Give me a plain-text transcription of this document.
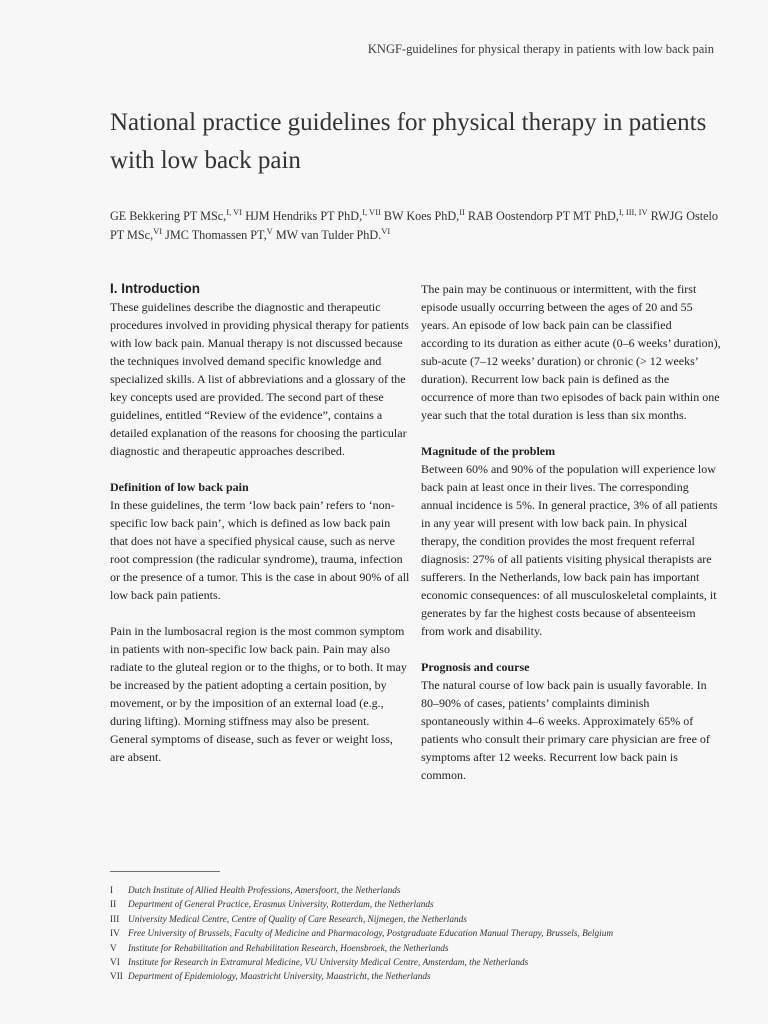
KNGF-guidelines for physical therapy in patients with low back pain
National practice guidelines for physical therapy in patients with low back pain
GE Bekkering PT MSc,$^{I, VI}$ HJM Hendriks PT PhD,$^{I, VII}$ BW Koes PhD,$^{II}$ RAB Oostendorp PT MT PhD,$^{I, III, IV}$ RWJG Ostelo PT MSc,$^{VI}$ JMC Thomassen PT,$^V$ MW van Tulder PhD.$^{VI}$
I. Introduction

These guidelines describe the diagnostic and therapeutic procedures involved in providing physical therapy for patients with low back pain. Manual therapy is not discussed because the techniques involved demand specific knowledge and specialized skills. A list of abbreviations and a glossary of the key concepts used are provided. The second part of these guidelines, entitled “Review of the evidence”, contains a detailed explanation of the reasons for choosing the particular diagnostic and therapeutic approaches described.

Definition of low back pain

In these guidelines, the term ‘low back pain’ refers to ‘non-specific low back pain’, which is defined as low back pain that does not have a specified physical cause, such as nerve root compression (the radicular syndrome), trauma, infection or the presence of a tumor. This is the case in about 90% of all low back pain patients.

Pain in the lumbosacral region is the most common symptom in patients with non-specific low back pain. Pain may also radiate to the gluteal region or to the thighs, or to both. It may be increased by the patient adopting a certain position, by movement, or by the imposition of an external load (e.g., during lifting). Morning stiffness may also be present. General symptoms of disease, such as fever or weight loss, are absent.

The pain may be continuous or intermittent, with the first episode usually occurring between the ages of 20 and 55 years. An episode of low back pain can be classified according to its duration as either acute (0–6 weeks’ duration), sub-acute (7–12 weeks’ duration) or chronic (> 12 weeks’ duration). Recurrent low back pain is defined as the occurrence of more than two episodes of back pain within one year such that the total duration is less than six months.

Magnitude of the problem

Between 60% and 90% of the population will experience low back pain at least once in their lives. The corresponding annual incidence is 5%. In general practice, 3% of all patients in any year will present with low back pain. In physical therapy, the condition provides the most frequent referral diagnosis: 27% of all patients visiting physical therapists are sufferers. In the Netherlands, low back pain has important economic consequences: of all musculoskeletal complaints, it generates by far the highest costs because of absenteeism from work and disability.

Prognosis and course

The natural course of low back pain is usually favorable. In 80–90% of cases, patients’ complaints diminish spontaneously within 4–6 weeks. Approximately 65% of patients who consult their primary care physician are free of symptoms after 12 weeks. Recurrent low back pain is common.

I	Dutch Institute of Allied Health Professions, Amersfoort, the Netherlands
II	Department of General Practice, Erasmus University, Rotterdam, the Netherlands
III University Medical Centre, Centre of Quality of Care Research, Nijmegen, the Netherlands
IV Free University of Brussels, Faculty of Medicine and Pharmacology, Postgraduate Education Manual Therapy, Brussels, Belgium
V	Institute for Rehabilitation and Rehabilitation Research, Hoensbroek, the Netherlands
VI Institute for Research in Extramural Medicine, VU University Medical Centre, Amsterdam, the Netherlands
VII Department of Epidemiology, Maastricht University, Maastricht, the Netherlands
